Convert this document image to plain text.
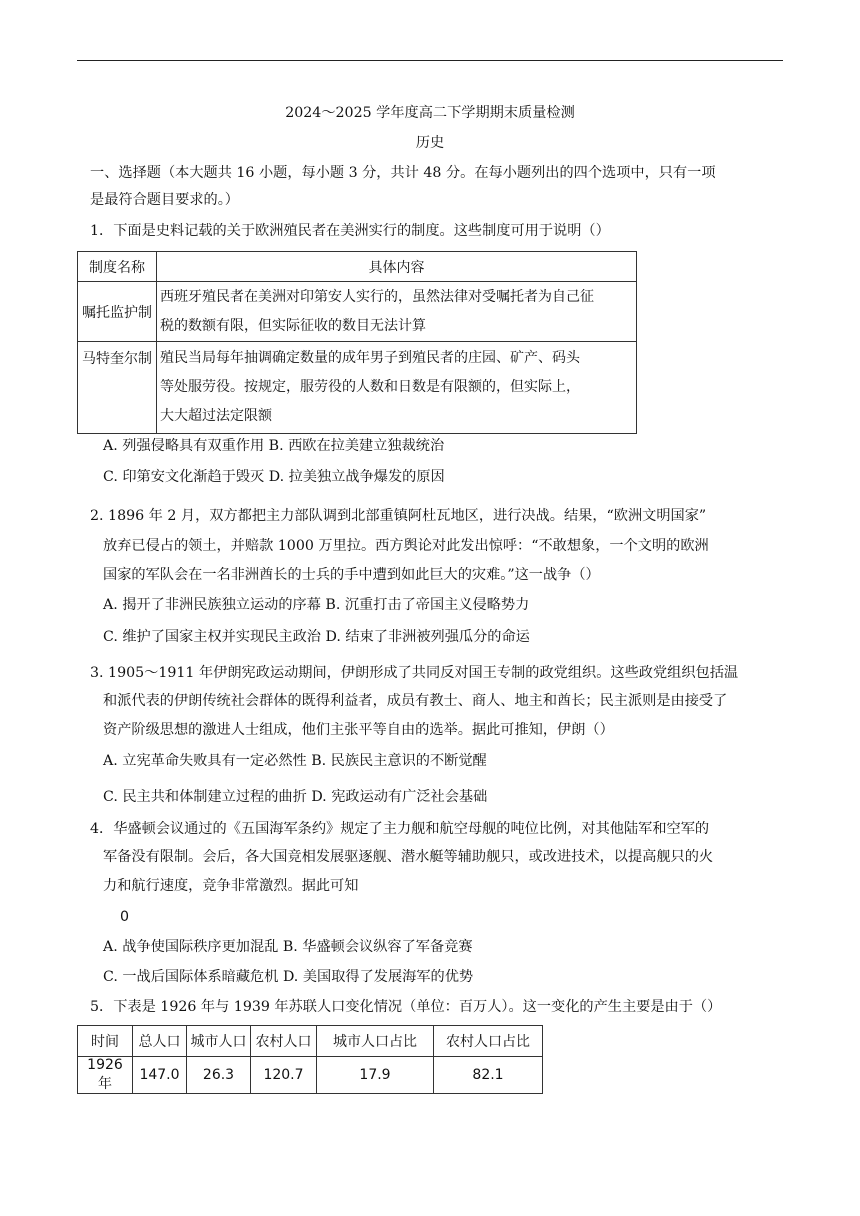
2024～2025 学年度高二下学期期末质量检测
历史
一、选择题（本大题共 16 小题，每小题 3 分，共计 48 分。在每小题列出的四个选项中，只有一项
是最符合题目要求的。）
1．下面是史料记载的关于欧洲殖民者在美洲实行的制度。这些制度可用于说明（）
制度名称	具体内容
嘱托监护制	西班牙殖民者在美洲对印第安人实行的，虽然法律对受嘱托者为自己征
税的数额有限，但实际征收的数目无法计算

马特奎尔制	殖民当局每年抽调确定数量的成年男子到殖民者的庄园、矿产、码头
等处服劳役。按规定，服劳役的人数和日数是有限额的，但实际上，
大大超过法定限额
A. 列强侵略具有双重作用 B. 西欧在拉美建立独裁统治
C. 印第安文化渐趋于毁灭 D. 拉美独立战争爆发的原因
2. 1896 年 2 月，双方都把主力部队调到北部重镇阿杜瓦地区，进行决战。结果，“欧洲文明国家”
放弃已侵占的领土，并赔款 1000 万里拉。西方舆论对此发出惊呼：“不敢想象，一个文明的欧洲
国家的军队会在一名非洲酋长的士兵的手中遭到如此巨大的灾难。”这一战争（）
A. 揭开了非洲民族独立运动的序幕 B. 沉重打击了帝国主义侵略势力
C. 维护了国家主权并实现民主政治 D. 结束了非洲被列强瓜分的命运
3. 1905～1911 年伊朗宪政运动期间，伊朗形成了共同反对国王专制的政党组织。这些政党组织包括温
和派代表的伊朗传统社会群体的既得利益者，成员有教士、商人、地主和酋长；民主派则是由接受了
资产阶级思想的激进人士组成，他们主张平等自由的选举。据此可推知，伊朗（）
A. 立宪革命失败具有一定必然性 B. 民族民主意识的不断觉醒
C. 民主共和体制建立过程的曲折 D. 宪政运动有广泛社会基础
4．华盛顿会议通过的《五国海军条约》规定了主力舰和航空母舰的吨位比例，对其他陆军和空军的
军备没有限制。会后，各大国竞相发展驱逐舰、潜水艇等辅助舰只，或改进技术，以提高舰只的火
力和航行速度，竞争非常激烈。据此可知
0
A. 战争使国际秩序更加混乱 B. 华盛顿会议纵容了军备竞赛
C. 一战后国际体系暗藏危机 D. 美国取得了发展海军的优势
5．下表是 1926 年与 1939 年苏联人口变化情况（单位：百万人）。这一变化的产生主要是由于（）
时间	总人口	城市人口	农村人口	城市人口占比	农村人口占比
1926 年	147.0	26.3	120.7	17.9	82.1
